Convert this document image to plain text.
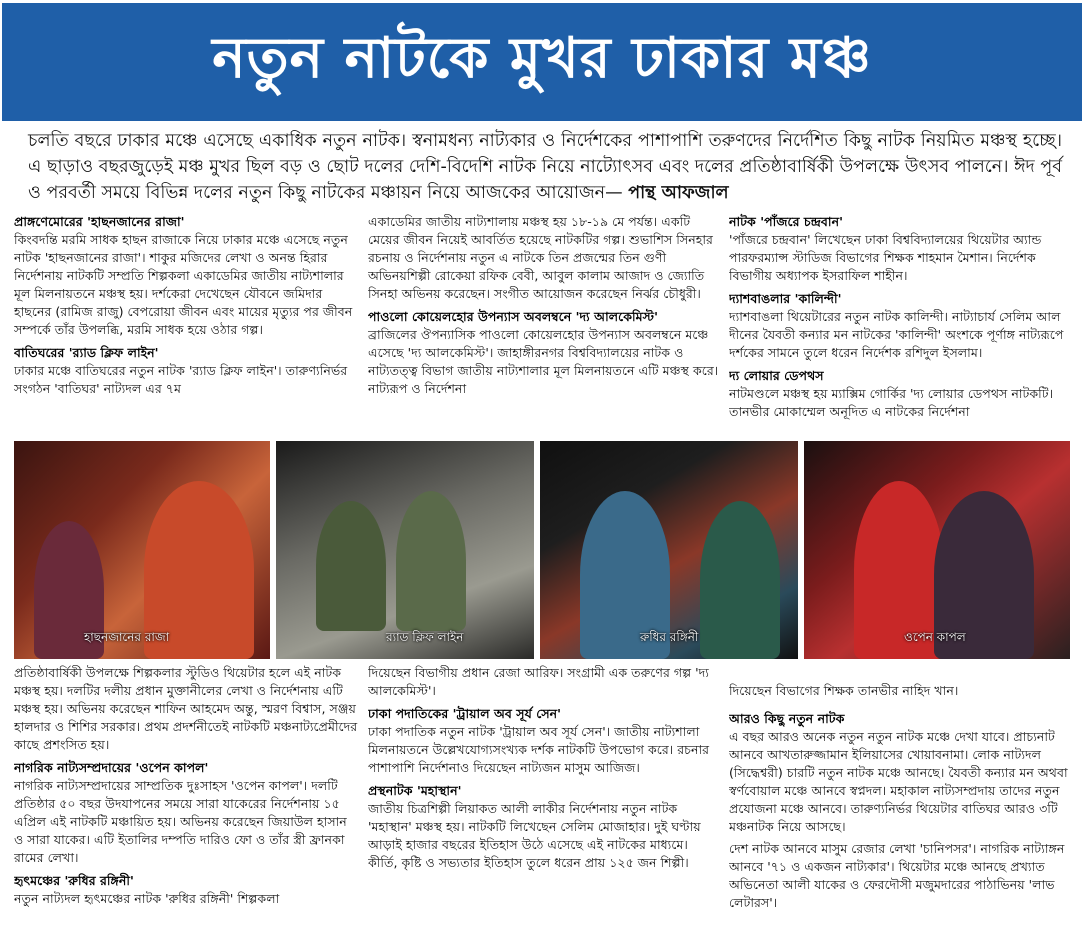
নতুন নাটকে মুখর ঢাকার মঞ্চ
চলতি বছরে ঢাকার মঞ্চে এসেছে একাধিক নতুন নাটক। স্বনামধন্য নাট্যকার ও নির্দেশকের পাশাপাশি তরুণদের নির্দেশিত কিছু নাটক নিয়মিত মঞ্চস্থ হচ্ছে। এ ছাড়াও বছরজুড়েই মঞ্চ মুখর ছিল বড় ও ছোট দলের দেশি-বিদেশি নাটক নিয়ে নাট্যোৎসব এবং দলের প্রতিষ্ঠাবার্ষিকী উপলক্ষে উৎসব পালনে। ঈদ পূর্ব ও পরবর্তী সময়ে বিভিন্ন দলের নতুন কিছু নাটকের মঞ্চায়ন নিয়ে আজকের আয়োজন— পান্থ আফজাল
প্রাঙ্গণেমোরের 'হাছনজানের রাজা'

কিংবদন্তি মরমি সাধক হাছন রাজাকে নিয়ে ঢাকার মঞ্চে এসেছে নতুন নাটক 'হাছনজানের রাজা'। শাকুর মজিদের লেখা ও অনন্ত হিরার নির্দেশনায় নাটকটি সম্প্রতি শিল্পকলা একাডেমির জাতীয় নাট্যশালার মূল মিলনায়তনে মঞ্চস্থ হয়। দর্শকেরা দেখেছেন যৌবনে জমিদার হাছনের (রামিজ রাজু) বেপরোয়া জীবন এবং মায়ের মৃত্যুর পর জীবন সম্পর্কে তাঁর উপলব্ধি, মরমি সাধক হয়ে ওঠার গল্প।

বাতিঘরের 'র‍্যাড ক্লিফ লাইন'

ঢাকার মঞ্চে বাতিঘরের নতুন নাটক 'র‍্যাড ক্লিফ লাইন'। তারুণ্যনির্ভর সংগঠন 'বাতিঘর' নাট্যদল এর ৭ম

একাডেমির জাতীয় নাট্যশালায় মঞ্চস্থ হয় ১৮-১৯ মে পর্যন্ত। একটি মেয়ের জীবন নিয়েই আবর্তিত হয়েছে নাটকটির গল্প। শুভাশিস সিনহার রচনায় ও নির্দেশনায় নতুন এ নাটকে তিন প্রজন্মের তিন গুণী অভিনয়শিল্পী রোকেয়া রফিক বেবী, আবুল কালাম আজাদ ও জ্যোতি সিনহা অভিনয় করেছেন। সংগীত আয়োজন করেছেন নির্ঝর চৌধুরী।

পাওলো কোয়েলহোর উপন্যাস অবলম্বনে 'দ্য আলকেমিস্ট'

ব্রাজিলের ঔপন্যাসিক পাওলো কোয়েলহোর উপন্যাস অবলম্বনে মঞ্চে এসেছে 'দ্য আলকেমিস্ট'। জাহাঙ্গীরনগর বিশ্ববিদ্যালয়ের নাটক ও নাট্যতত্ত্ব বিভাগ জাতীয় নাট্যশালার মূল মিলনায়তনে এটি মঞ্চস্থ করে। নাট্যরূপ ও নির্দেশনা

নাটক 'পাঁজরে চন্দ্রবান'

'পাঁজরে চন্দ্রবান' লিখেছেন ঢাকা বিশ্ববিদ্যালয়ের থিয়েটার অ্যান্ড পারফরম্যান্স স্টাডিজ বিভাগের শিক্ষক শাহমান মৈশান। নির্দেশক বিভাগীয় অধ্যাপক ইসরাফিল শাহীন।

দ্যাশবাঙলার 'কালিন্দী'

দ্যাশবাঙলা থিয়েটারের নতুন নাটক কালিন্দী। নাট্যাচার্য সেলিম আল দীনের যৈবতী কন্যার মন নাটকের 'কালিন্দী' অংশকে পূর্ণাঙ্গ নাট্যরূপে দর্শকের সামনে তুলে ধরেন নির্দেশক রশিদুল ইসলাম।

দ্য লোয়ার ডেপথস

নাটমণ্ডলে মঞ্চস্থ হয় ম্যাক্সিম গোর্কির 'দ্য লোয়ার ডেপথস নাটকটি। তানভীর মোকাম্মেল অনূদিত এ নাটকের নির্দেশনা

হাছনজানের রাজা	র‍্যাড ক্লিফ লাইন	রুধির রঙ্গিনী	ওপেন কাপল

প্রতিষ্ঠাবার্ষিকী উপলক্ষে শিল্পকলার স্টুডিও থিয়েটার হলে এই নাটক মঞ্চস্থ হয়। দলটির দলীয় প্রধান মুক্তানীলের লেখা ও নির্দেশনায় এটি মঞ্চস্থ হয়। অভিনয় করেছেন শাফিন আহমেদ অন্তু, স্মরণ বিশ্বাস, সঞ্জয় হালদার ও শিশির সরকার। প্রথম প্রদর্শনীতেই নাটকটি মঞ্চনাট্যপ্রেমীদের কাছে প্রশংসিত হয়।

নাগরিক নাট্যসম্প্রদায়ের 'ওপেন কাপল'

নাগরিক নাট্যসম্প্রদায়ের সাম্প্রতিক দুঃসাহস 'ওপেন কাপল'। দলটি প্রতিষ্ঠার ৫০ বছর উদযাপনের সময়ে সারা যাকেরের নির্দেশনায় ১৫ এপ্রিল এই নাটকটি মঞ্চায়িত হয়। অভিনয় করেছেন জিয়াউল হাসান ও সারা যাকের। এটি ইতালির দম্পতি দারিও ফো ও তাঁর স্ত্রী ফ্রানকা রামের লেখা।

হৃৎমঞ্চের 'রুধির রঙ্গিনী'

নতুন নাট্যদল হৃৎমঞ্চের নাটক 'রুধির রঙ্গিনী' শিল্পকলা

দিয়েছেন বিভাগীয় প্রধান রেজা আরিফ। সংগ্রামী এক তরুণের গল্প 'দ্য আলকেমিস্ট'।

ঢাকা পদাতিকের 'ট্রায়াল অব সূর্য সেন'

ঢাকা পদাতিক নতুন নাটক 'ট্রায়াল অব সূর্য সেন'। জাতীয় নাট্যশালা মিলনায়তনে উল্লেখযোগ্যসংখ্যক দর্শক নাটকটি উপভোগ করে। রচনার পাশাপাশি নির্দেশনাও দিয়েছেন নাট্যজন মাসুম আজিজ।

প্রস্থনাটক 'মহাস্থান'

জাতীয় চিত্রশিল্পী লিয়াকত আলী লাকীর নির্দেশনায় নতুন নাটক 'মহাস্থান' মঞ্চস্থ হয়। নাটকটি লিখেছেন সেলিম মোজাহার। দুই ঘণ্টায় আড়াই হাজার বছরের ইতিহাস উঠে এসেছে এই নাটকের মাধ্যমে। কীর্তি, কৃষ্টি ও সভ্যতার ইতিহাস তুলে ধরেন প্রায় ১২৫ জন শিল্পী।

দিয়েছেন বিভাগের শিক্ষক তানভীর নাহিদ খান।

আরও কিছু নতুন নাটক

এ বছর আরও অনেক নতুন নতুন নাটক মঞ্চে দেখা যাবে। প্রাচ্যনাট আনবে আখতারুজ্জামান ইলিয়াসের খোয়াবনামা। লোক নাট্যদল (সিদ্ধেশ্বরী) চারটি নতুন নাটক মঞ্চে আনছে। যৈবতী কন্যার মন অথবা স্বর্ণবোয়াল মঞ্চে আনবে স্বপ্নদল। মহাকাল নাট্যসম্প্রদায় তাদের নতুন প্রযোজনা মঞ্চে আনবে। তারুণ্যনির্ভর থিয়েটার বাতিঘর আরও ৩টি মঞ্চনাটক নিয়ে আসছে।

দেশ নাটক আনবে মাসুম রেজার লেখা 'চানিপসর'। নাগরিক নাট্যাঙ্গন আনবে '৭১ ও একজন নাট্যকার'। থিয়েটার মঞ্চে আনছে প্রখ্যাত অভিনেতা আলী যাকের ও ফেরদৌসী মজুমদারের পাঠাভিনয় 'লাভ লেটারস'।
